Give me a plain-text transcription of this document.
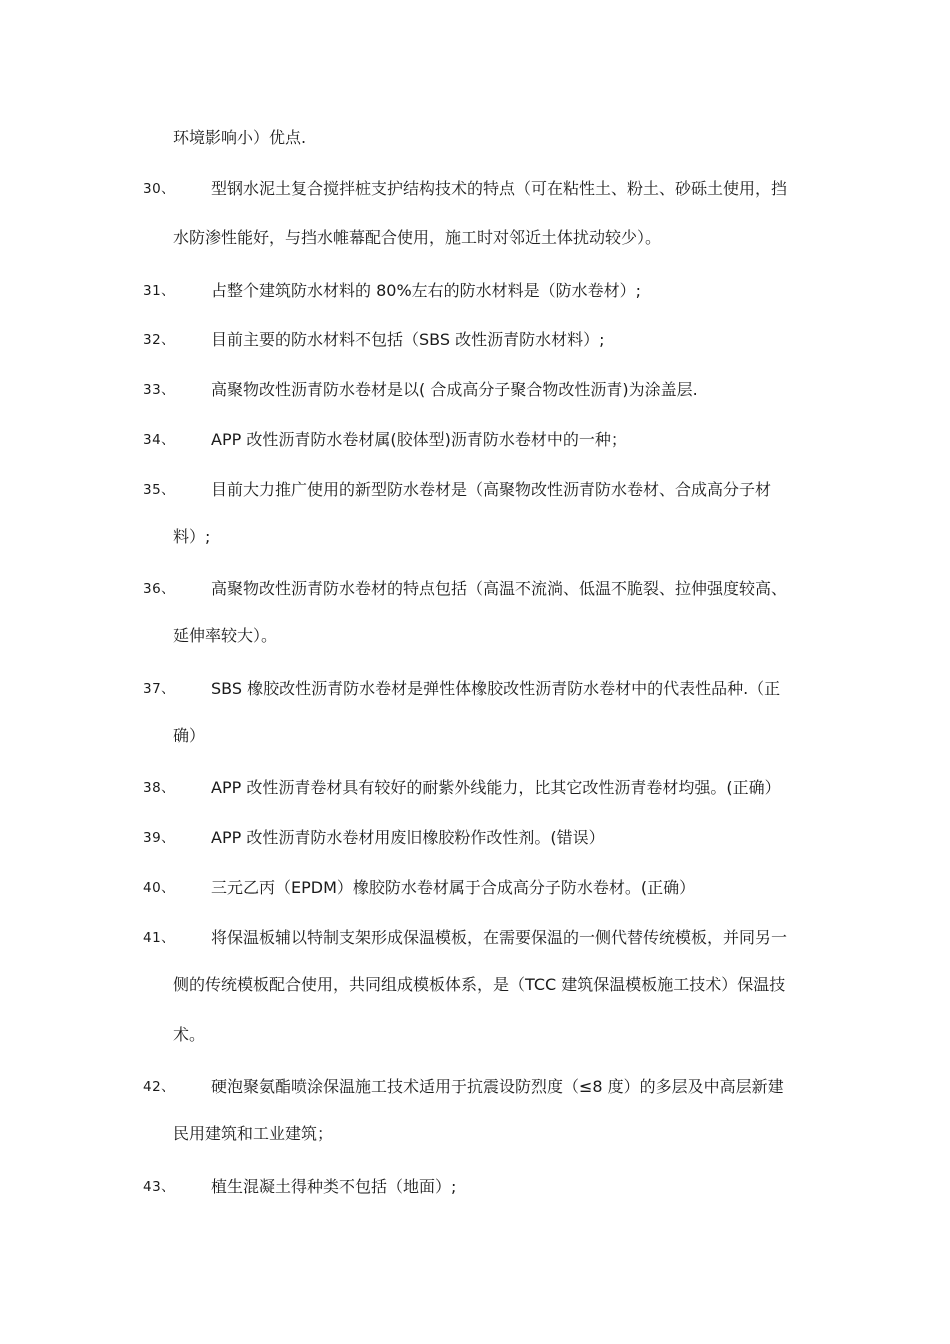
环境影响小）优点.
30、 型钢水泥土复合搅拌桩支护结构技术的特点（可在粘性土、粉土、砂砾土使用，挡
水防渗性能好，与挡水帷幕配合使用，施工时对邻近土体扰动较少）。
31、 占整个建筑防水材料的 80%左右的防水材料是（防水卷材）;
32、 目前主要的防水材料不包括（SBS 改性沥青防水材料）;
33、 高聚物改性沥青防水卷材是以( 合成高分子聚合物改性沥青)为涂盖层.
34、 APP 改性沥青防水卷材属(胶体型)沥青防水卷材中的一种；
35、 目前大力推广使用的新型防水卷材是（高聚物改性沥青防水卷材、合成高分子材
料）;
36、 高聚物改性沥青防水卷材的特点包括（高温不流淌、低温不脆裂、拉伸强度较高、
延伸率较大）。
37、 SBS 橡胶改性沥青防水卷材是弹性体橡胶改性沥青防水卷材中的代表性品种.（正
确）
38、 APP 改性沥青卷材具有较好的耐紫外线能力，比其它改性沥青卷材均强。(正确）
39、 APP 改性沥青防水卷材用废旧橡胶粉作改性剂。(错误）
40、 三元乙丙（EPDM）橡胶防水卷材属于合成高分子防水卷材。(正确）
41、 将保温板辅以特制支架形成保温模板，在需要保温的一侧代替传统模板，并同另一
侧的传统模板配合使用，共同组成模板体系，是（TCC 建筑保温模板施工技术）保温技
术。
42、 硬泡聚氨酯喷涂保温施工技术适用于抗震设防烈度（≤8 度）的多层及中高层新建
民用建筑和工业建筑；
43、 植生混凝土得种类不包括（地面）;
